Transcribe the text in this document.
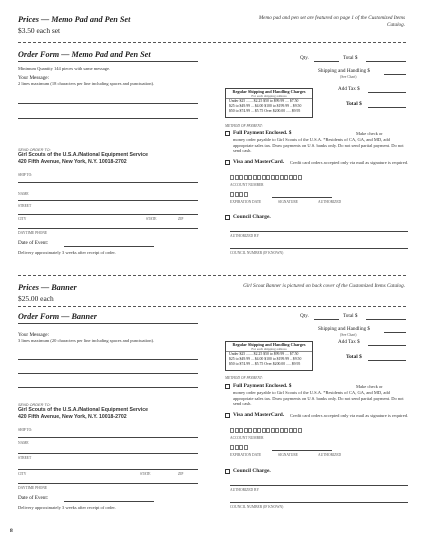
Prices — Memo Pad and Pen Set
$3.50 each set
Memo pad and pen set are featured on page 1 of the Customized Items Catalog.
Order Form — Memo Pad and Pen Set
Minimum Quantity 144 pieces with same message.
Your Message:
2 lines maximum (18 characters per line including spaces and punctuation).
SEND ORDER TO:
Girl Scouts of the U.S.A./National Equipment Service
420 Fifth Avenue, New York, N.Y. 10018-2702
SHIP TO:
NAME
STREET
CITY	STATE	ZIP
DAYTIME PHONE
Date of Event:
Delivery approximately 3 weeks after receipt of order.
Qty.	Total $
Shipping and Handling $
(See Chart)
Regular Shipping and Handling Charges
For each shipping address
Under $25 ....... $2.25 $50 to $99.99 .... $7.50
$25 to $49.99 ... $4.00 $100 to $199.99 .. $9.50
$50 to $74.99 ... $5.75 Over $200.00 ..... $9.95
Add Tax $
Total $
METHOD OF PAYMENT:
Full Payment Enclosed. $	Make check or
money order payable to Girl Scouts of the U.S.A. *Residents of CA, GA, and MD, add appropriate sales tax. Draw payments on U.S. banks only. Do not send partial payment. Do not send cash.
Visa and MasterCard. Credit card orders accepted only via mail as signature is required.
ACCOUNT NUMBER
EXPIRATION DATE	SIGNATURE	AUTHORIZED
Council Charge.
AUTHORIZED BY
COUNCIL NUMBER (IF KNOWN)
Prices — Banner
$25.00 each
Girl Scout Banner is pictured on back cover of the Customized Items Catalog.
Order Form — Banner
Your Message:
3 lines maximum (20 characters per line including spaces and punctuation).
SEND ORDER TO:
Girl Scouts of the U.S.A./National Equipment Service
420 Fifth Avenue, New York, N.Y. 10018-2702
SHIP TO:
NAME
STREET
CITY	STATE	ZIP
DAYTIME PHONE
Date of Event:
Delivery approximately 3 weeks after receipt of order.
Qty.	Total $
Shipping and Handling $
(See Chart)
Regular Shipping and Handling Charges
For each shipping address
Under $25 ....... $2.25 $50 to $99.99 .... $7.50
$25 to $49.99 ... $4.00 $100 to $199.99 .. $9.50
$50 to $74.99 ... $5.75 Over $200.00 ..... $9.95
Add Tax $
Total $
METHOD OF PAYMENT:
Full Payment Enclosed. $	Make check or
money order payable to Girl Scouts of the U.S.A. *Residents of CA, GA, and MD, add appropriate sales tax. Draw payments on U.S. banks only. Do not send partial payment. Do not send cash.
Visa and MasterCard. Credit card orders accepted only via mail as signature is required.
ACCOUNT NUMBER
EXPIRATION DATE	SIGNATURE	AUTHORIZED
Council Charge.
AUTHORIZED BY
COUNCIL NUMBER (IF KNOWN)
8
